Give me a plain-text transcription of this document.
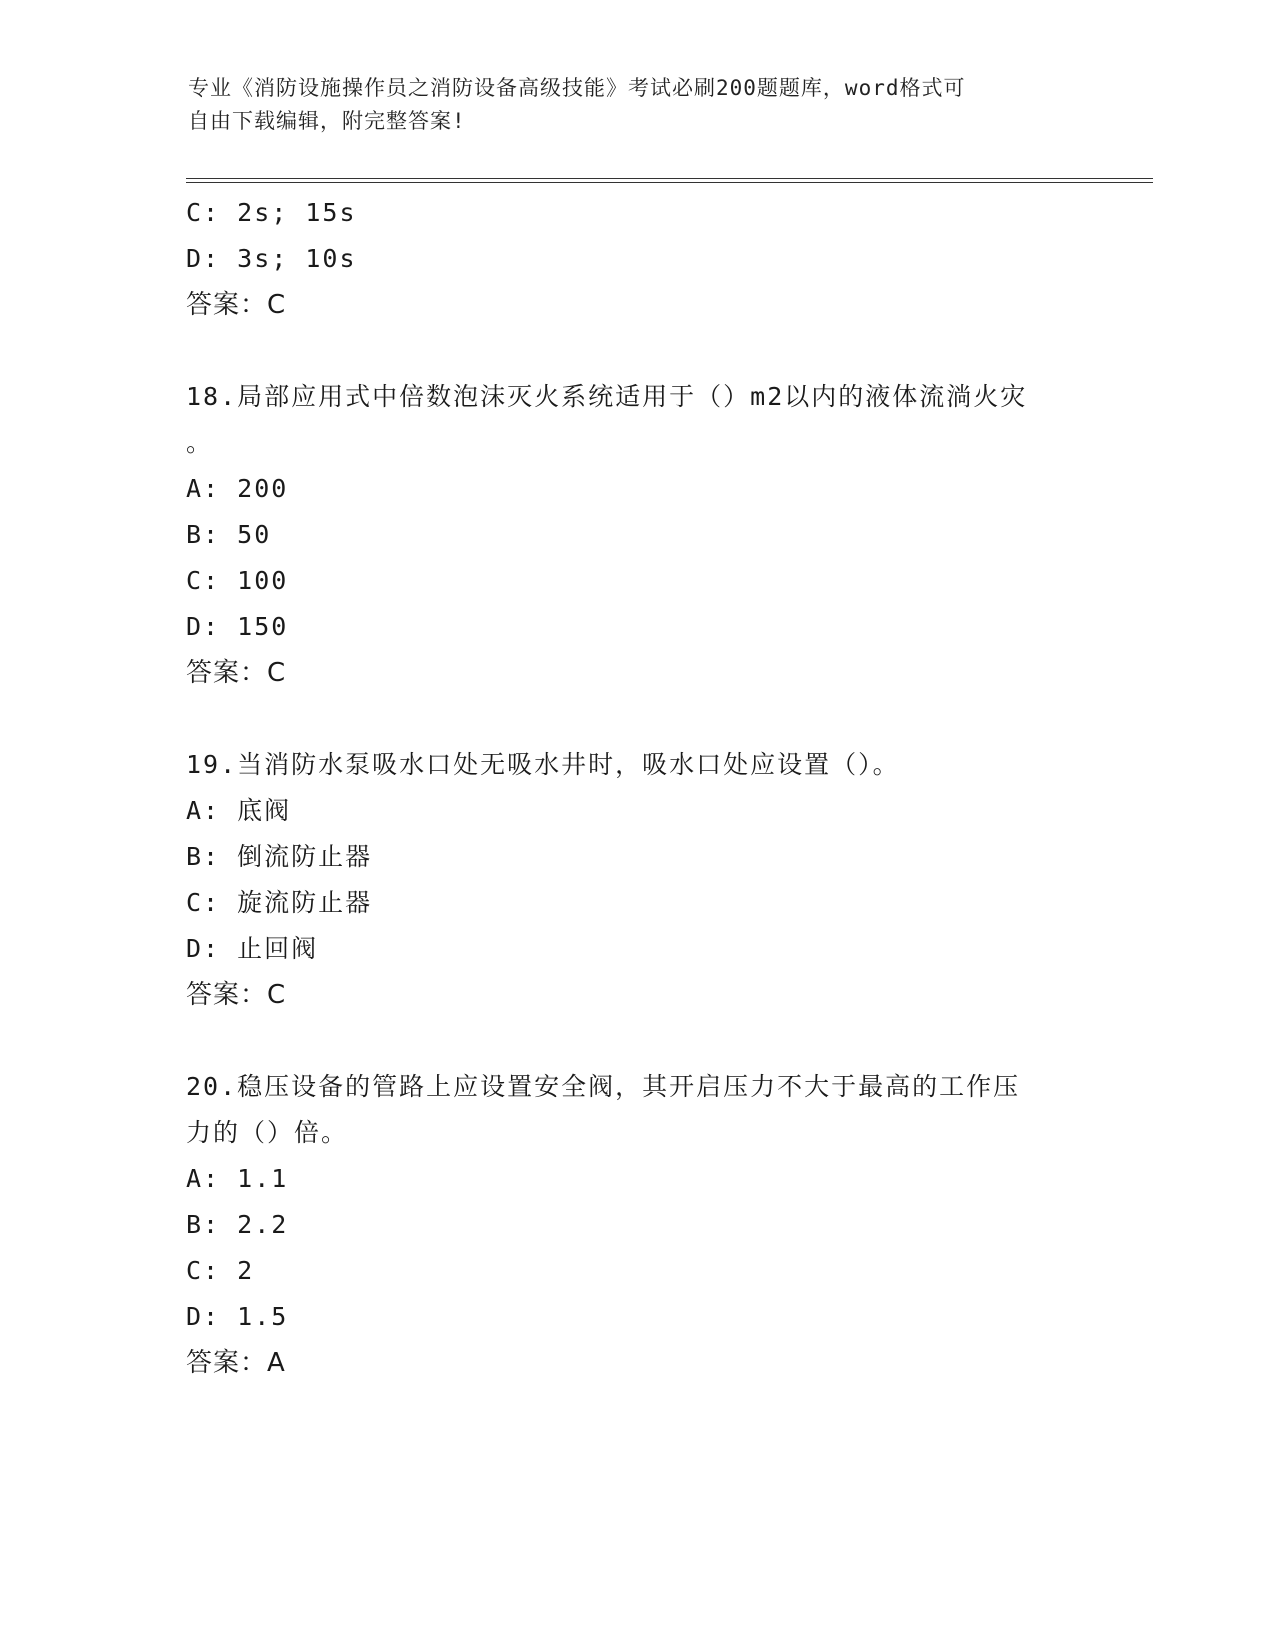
专业《消防设施操作员之消防设备高级技能》考试必刷200题题库，word格式可
自由下载编辑，附完整答案!
C: 2s; 15s
D: 3s; 10s
答案：C
18.局部应用式中倍数泡沫灭火系统适用于（）m2以内的液体流淌火灾
。
A: 200
B: 50
C: 100
D: 150
答案：C
19.当消防水泵吸水口处无吸水井时，吸水口处应设置（）。
A: 底阀
B: 倒流防止器
C: 旋流防止器
D: 止回阀
答案：C
20.稳压设备的管路上应设置安全阀，其开启压力不大于最高的工作压
力的（）倍。
A: 1.1
B: 2.2
C: 2
D: 1.5
答案：A
